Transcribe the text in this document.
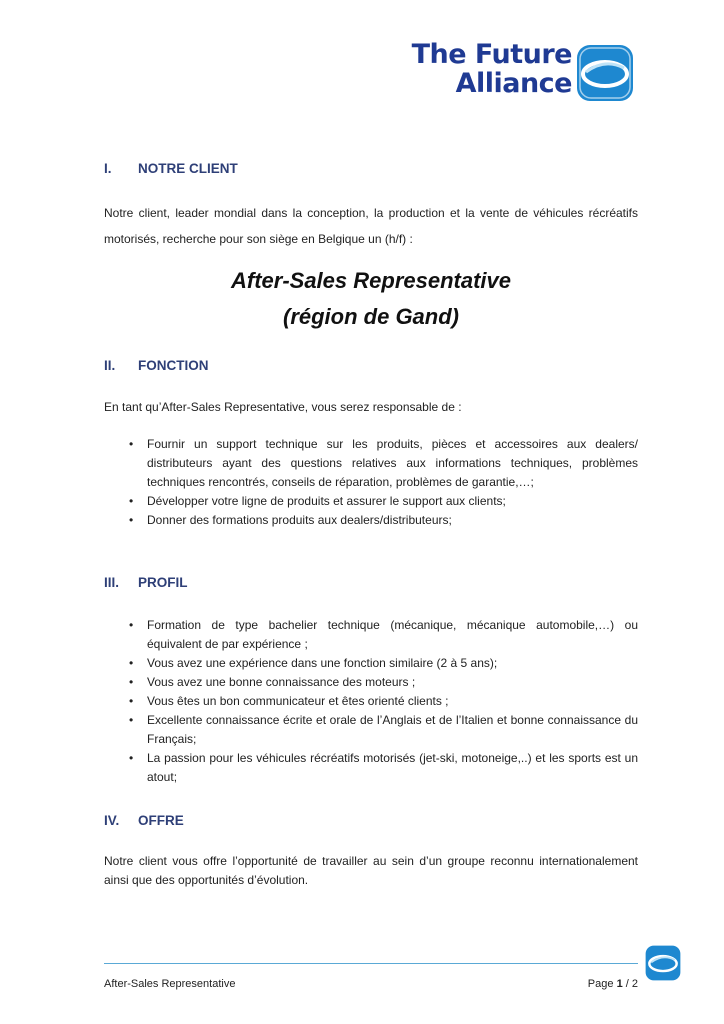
The Future
Alliance
I. NOTRE CLIENT
Notre client, leader mondial dans la conception, la production et la vente de véhicules récréatifs motorisés, recherche pour son siège en Belgique un (h/f) :
After-Sales Representative
(région de Gand)
II. FONCTION
En tant qu’After-Sales Representative, vous serez responsable de :
• Fournir un support technique sur les produits, pièces et accessoires aux dealers/ distributeurs ayant des questions relatives aux informations techniques, problèmes techniques rencontrés, conseils de réparation, problèmes de garantie,…;
• Développer votre ligne de produits et assurer le support aux clients;
• Donner des formations produits aux dealers/distributeurs;
III. PROFIL
• Formation de type bachelier technique (mécanique, mécanique automobile,…) ou équivalent de par expérience ;
• Vous avez une expérience dans une fonction similaire (2 à 5 ans);
• Vous avez une bonne connaissance des moteurs ;
• Vous êtes un bon communicateur et êtes orienté clients ;
• Excellente connaissance écrite et orale de l’Anglais et de l’Italien et bonne connaissance du Français;
• La passion pour les véhicules récréatifs motorisés (jet-ski, motoneige,..) et les sports est un atout;
IV. OFFRE
Notre client vous offre l’opportunité de travailler au sein d’un groupe reconnu internationalement ainsi que des opportunités d’évolution.
After-Sales Representative	Page 1 / 2
